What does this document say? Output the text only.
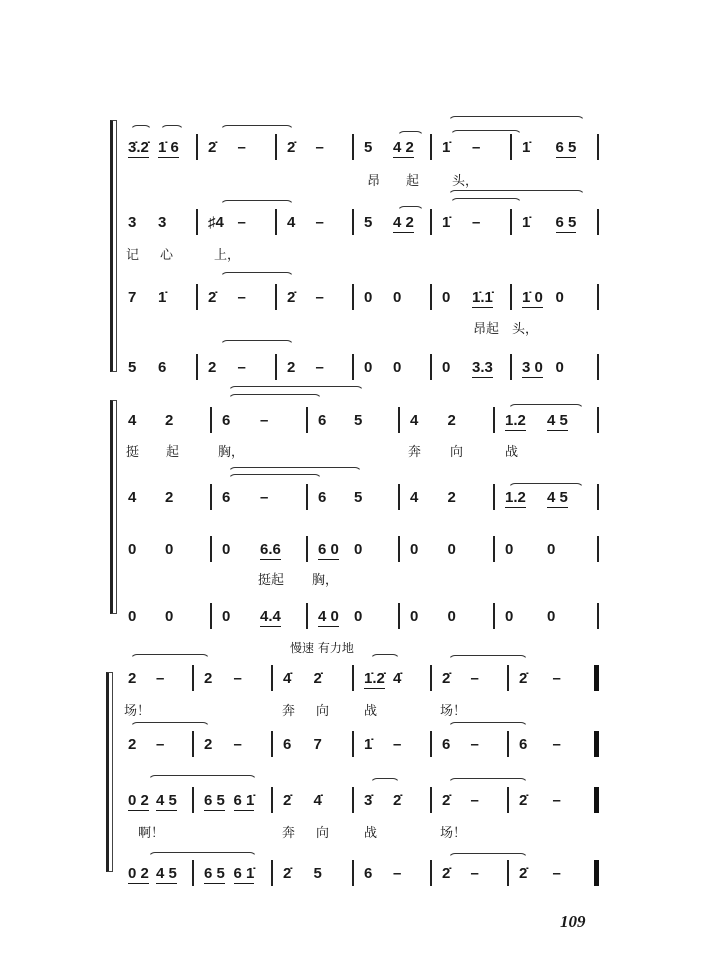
慢速 有力地
109
3̇.2̇ 1̇ 6	2̇	–	2̇	–	5	4 2	1̇	–	1̇	6 5
昂 起	头，
3	3	♯4 –	4	–	5	4 2	1̇	–	1̇	6 5
记 心	上，
7	1̇	2̇	–	2̇	–	0	0	0	1̇.1̇	1̇ 0 0
昂起 头，
5	6	2	–	2	–	0	0	0	3.3	3 0 0
4	2	6	–	6	5	4	2	1.2	4 5
挺 起	胸，	奔 向	战
4	2	6	–	6	5	4	2	1.2	4 5
0	0	0	6.6	6 0	0	0	0	0	0
挺起 胸，
0	0	0	4.4	4 0	0	0	0	0	0
2	–	2	–	4̇	2̇	1̇.2̇ 4̇	2̇	–	2̇	–
场！	奔 向	战	场！
2	–	2	–	6	7	1̇	–	6	–	6	–
0 2 4 5	6 5 6 1̇	2̇	4̇	3̇	2̇	2̇	–	2̇	–
啊！	奔 向	战	场！
0 2 4 5	6 5 6 1̇	2̇	5	6	–	2̇	–	2̇	–
